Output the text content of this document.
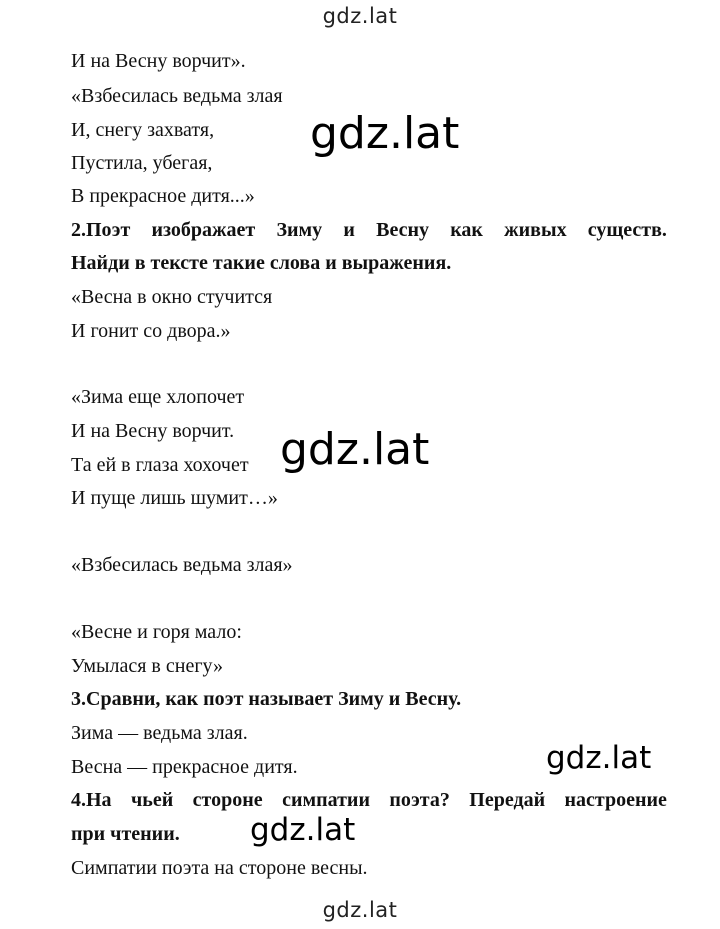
gdz.lat
И на Весну ворчит».
«Взбесилась ведьма злая
И, снегу захватя,
Пустила, убегая,
В прекрасное дитя...»
2.Поэт изображает Зиму и Весну как живых существ.
Найди в тексте такие слова и выражения.
«Весна в окно стучится
И гонит со двора.»
«Зима еще хлопочет
И на Весну ворчит.
Та ей в глаза хохочет
И пуще лишь шумит…»
«Взбесилась ведьма злая»
«Весне и горя мало:
Умылася в снегу»
3.Сравни, как поэт называет Зиму и Весну.
Зима — ведьма злая.
Весна — прекрасное дитя.
4.На чьей стороне симпатии поэта? Передай настроение
при чтении.
Симпатии поэта на стороне весны.
gdz.lat
gdz.lat
gdz.lat
gdz.lat
gdz.lat
